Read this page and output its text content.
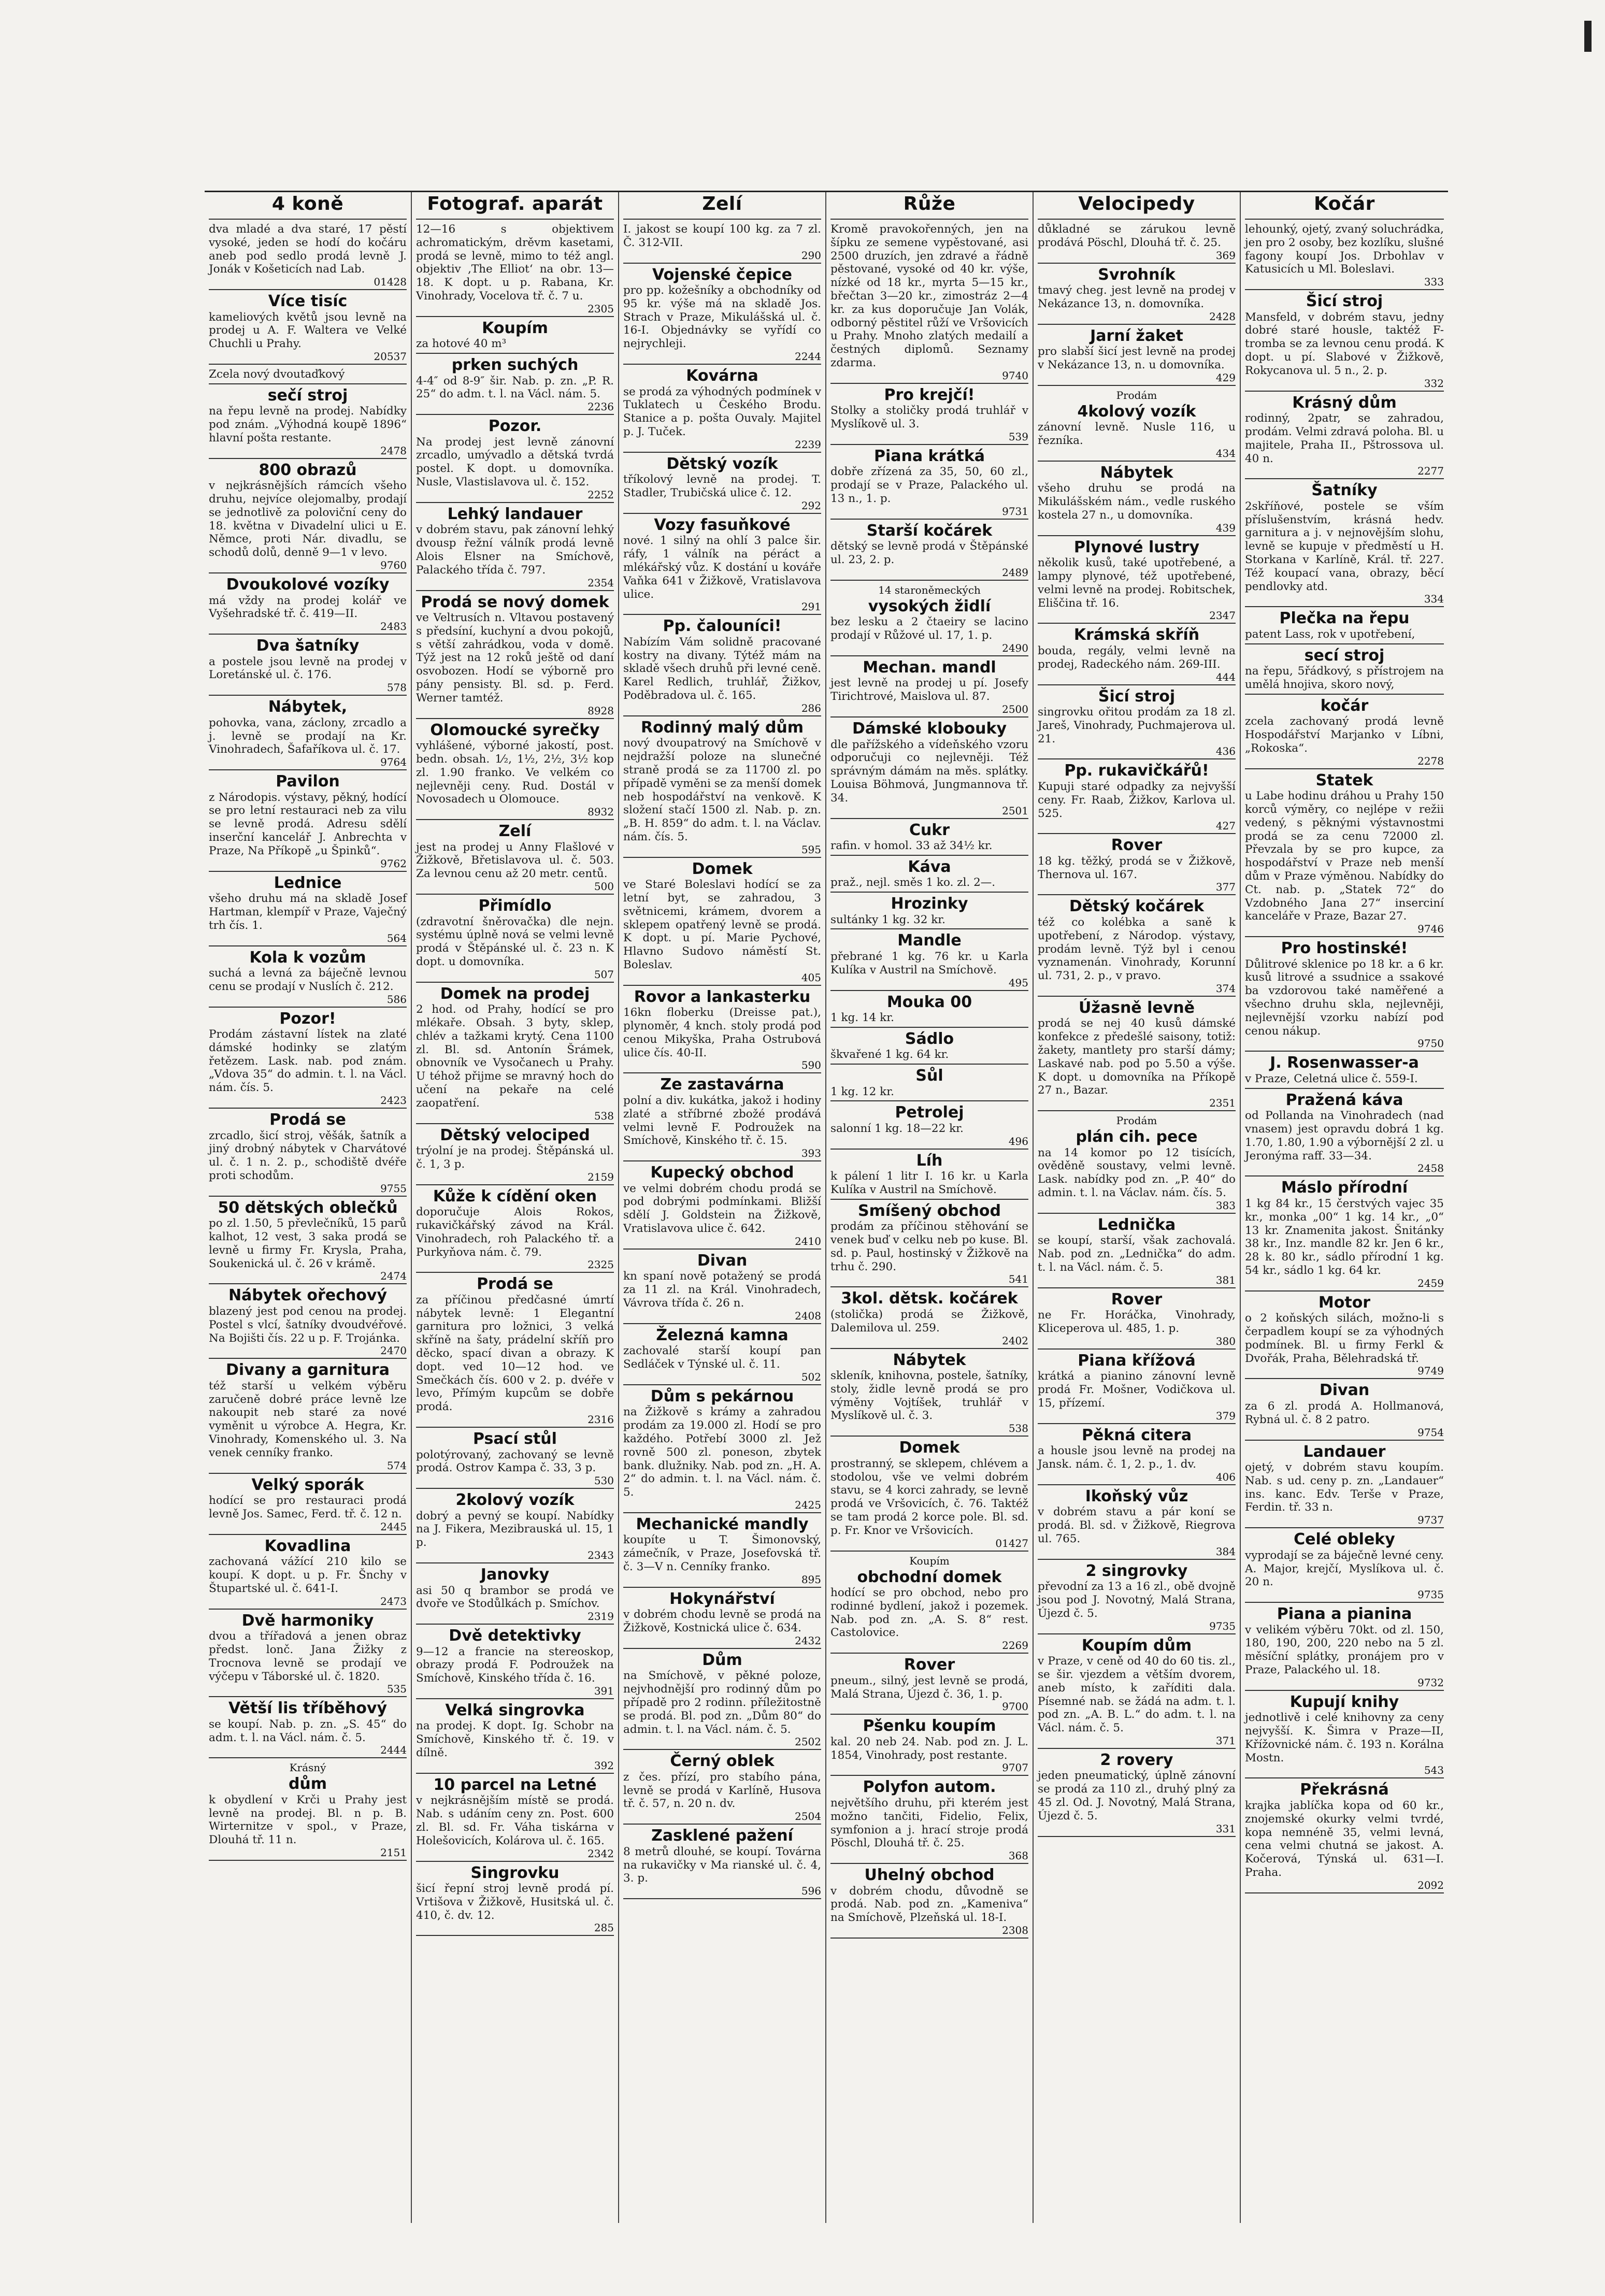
4 koně

dva mladé a dva staré, 17 pěstí vysoké, jeden se hodí do kočáru aneb pod sedlo prodá levně J. Jonák v Košeticích nad Lab.

01428
Více tisíc

kameliových květů jsou levně na prodej u A. F. Waltera ve Velké Chuchli u Prahy.

20537

Zcela nový dvoutaďkový

sečí stroj

na řepu levně na prodej. Nabídky pod znám. „Výhodná koupě 1896“ hlavní pošta restante.

2478
800 obrazů

v nejkrásnějších rámcích všeho druhu, nejvíce olejomalby, prodají se jednotlivě za poloviční ceny do 18. května v Divadelní ulici u E. Němce, proti Nár. divadlu, se schodů dolů, denně 9—1 v levo.

9760
Dvoukolové vozíky

má vždy na prodej kolář ve Vyšehradské tř. č. 419—II.

2483
Dva šatníky

a postele jsou levně na prodej v Loretánské ul. č. 176.

578
Nábytek,

pohovka, vana, záclony, zrcadlo a j. levně se prodají na Kr. Vinohradech, Šafaříkova ul. č. 17.

9764
Pavilon

z Národopis. výstavy, pěkný, hodící se pro letní restauraci neb za vilu se levně prodá. Adresu sdělí inserční kancelář J. Anbrechta v Praze, Na Příkopě „u Špinků“.

9762
Lednice

všeho druhu má na skladě Josef Hartman, klempíř v Praze, Vaječný trh čís. 1.

564
Kola k vozům

suchá a levná za báječně levnou cenu se prodají v Nuslích č. 212.

586
Pozor!

Prodám zástavní lístek na zlaté dámské hodinky se zlatým řetězem. Lask. nab. pod znám. „Vdova 35“ do admin. t. l. na Václ. nám. čís. 5.

2423
Prodá se

zrcadlo, šicí stroj, věšák, šatník a jiný drobný nábytek v Charvátové ul. č. 1 n. 2. p., schodiště dvéře proti schodům.

9755
50 dětských oblečků

po zl. 1.50, 5 převlečníků, 15 parů kalhot, 12 vest, 3 saka prodá se levně u firmy Fr. Krysla, Praha, Soukenická ul. č. 26 v krámě.

2474
Nábytek ořechový

blazený jest pod cenou na prodej. Postel s vlcí, šatníky dvoudvéřové. Na Bojišti čís. 22 u p. F. Trojánka.

2470
Divany a garnitura

též starší u velkém výběru zaručeně dobré práce levně lze nakoupit neb staré za nové vyměnit u výrobce A. Hegra, Kr. Vinohrady, Komenského ul. 3. Na venek cenníky franko.

574
Velký sporák

hodící se pro restauraci prodá levně Jos. Samec, Ferd. tř. č. 12 n.

2445
Kovadlina

zachovaná vážící 210 kilo se koupí. K dopt. u p. Fr. Šnchy v Štupartské ul. č. 641-I.

2473
Dvě harmoniky

dvou a třířadová a jenen obraz předst. lonč. Jana Žižky z Trocnova levně se prodají ve výčepu v Táborské ul. č. 1820.

535
Větší lis tříběhový

se koupí. Nab. p. zn. „S. 45“ do adm. t. l. na Václ. nám. č. 5.

2444
Krásný
dům

k obydlení v Krči u Prahy jest levně na prodej. Bl. n p. B. Wirternitze v spol., v Praze, Dlouhá tř. 11 n.

2151
Fotograf. aparát

12—16 s objektivem achromatickým, drěvm kasetami, prodá se levně, mimo to též angl. objektiv ‚The Elliot‘ na obr. 13—18. K dopt. u p. Rabana, Kr. Vinohrady, Vocelova tř. č. 7 u.

2305
Koupím

za hotové 40 m³

prken suchých

4-4″ od 8-9″ šir. Nab. p. zn. „P. R. 25“ do adm. t. l. na Václ. nám. 5.

2236
Pozor.

Na prodej jest levně zánovní zrcadlo, umývadlo a dětská tvrdá postel. K dopt. u domovníka. Nusle, Vlastislavova ul. č. 152.

2252
Lehký landauer

v dobrém stavu, pak zánovní lehký dvousp řežní válník prodá levně Alois Elsner na Smíchově, Palackého třída č. 797.

2354
Prodá se nový domek

ve Veltrusích n. Vltavou postavený s předsíní, kuchyní a dvou pokojů, s větší zahrádkou, voda v domě. Týž jest na 12 roků ještě od daní osvobozen. Hodí se výborně pro pány pensisty. Bl. sd. p. Ferd. Werner tamtéž.

8928
Olomoucké syrečky

vyhlášené, výborné jakostí, post. bedn. obsah. 1⁄₂, 1¹⁄₂, 2¹⁄₂, 3¹⁄₂ kop zl. 1.90 franko. Ve velkém co nejlevněji ceny. Rud. Dostál v Novosadech u Olomouce.

8932
Zelí

jest na prodej u Anny Flašlové v Žižkově, Břetislavova ul. č. 503. Za levnou cenu až 20 metr. centů.

500
Přimídlo

(zdravotní šněrovačka) dle nejn. systému úplně nová se velmi levně prodá v Štěpánské ul. č. 23 n. K dopt. u domovníka.

507
Domek na prodej

2 hod. od Prahy, hodící se pro mlékaře. Obsah. 3 byty, sklep, chlév a tažkami krytý. Cena 1100 zl. Bl. sd. Antonín Šrámek, obnovník ve Vysočanech u Prahy. U téhož přijme se mravný hoch do učení na pekaře na celé zaopatření.

538
Dětský velociped

trýolní je na prodej. Štěpánská ul. č. 1, 3 p.

2159
Kůže k cídění oken

doporučuje Alois Rokos, rukavičkářský závod na Král. Vinohradech, roh Palackého tř. a Purkyňova nám. č. 79.

2325
Prodá se

za příčinou předčasné úmrtí nábytek levně: 1 Elegantní garnitura pro ložnici, 3 velká skříně na šaty, prádelní skříň pro děcko, spací divan a obrazy. K dopt. ved 10—12 hod. ve Smečkách čís. 600 v 2. p. dvéře v levo, Přímým kupcům se dobře prodá.

2316
Psací stůl

polotýrovaný, zachovaný se levně prodá. Ostrov Kampa č. 33, 3 p.

530
2kolový vozík

dobrý a pevný se koupí. Nabídky na J. Fikera, Mezibrauská ul. 15, 1 p.

2343
Janovky

asi 50 q brambor se prodá ve dvoře ve Stodůlkách p. Smíchov.

2319
Dvě detektivky

9—12 a francie na stereoskop, obrazy prodá F. Podroužek na Smíchově, Kinského třída č. 16.

391
Velká singrovka

na prodej. K dopt. Ig. Schobr na Smíchově, Kinského tř. č. 19. v dílně.

392
10 parcel na Letné

v nejkrásnějším místě se prodá. Nab. s udáním ceny zn. Post. 600 zl. Bl. sd. Fr. Váha tiskárna v Holešovicích, Kolárova ul. č. 165.

2342
Singrovku

šicí řepní stroj levně prodá pí. Vrtišova v Žižkově, Husitská ul. č. 410, č. dv. 12.

285
Zelí

I. jakost se koupí 100 kg. za 7 zl. Č. 312-VII.

290
Vojenské čepice

pro pp. kožešníky a obchodníky od 95 kr. výše má na skladě Jos. Strach v Praze, Mikulášská ul. č. 16-I. Objednávky se vyřídí co nejrychleji.

2244
Kovárna

se prodá za výhodných podmínek v Tuklatech u Českého Brodu. Stanice a p. pošta Ouvaly. Majitel p. J. Tuček.

2239
Dětský vozík

tříkolový levně na prodej. T. Stadler, Trubičská ulice č. 12.

292
Vozy fasuňkové

nové. 1 silný na ohlí 3 palce šir. ráfy, 1 válník na péráct a mlékářský vůz. K dostání u kováře Vaňka 641 v Žižkově, Vratislavova ulice.

291
Pp. čalouníci!

Nabízím Vám solidně pracované kostry na divany. Týtéž mám na skladě všech druhů při levné ceně. Karel Redlich, truhlář, Žižkov, Poděbradova ul. č. 165.

286
Rodinný malý dům

nový dvoupatrový na Smíchově v nejdražší poloze na slunečné straně prodá se za 11700 zl. po případě vyměni se za menší domek neb hospodářství na venkově. K složení stačí 1500 zl. Nab. p. zn. „B. H. 859“ do adm. t. l. na Václav. nám. čís. 5.

595
Domek

ve Staré Boleslavi hodící se za letní byt, se zahradou, 3 světnicemi, krámem, dvorem a sklepem opatřený levně se prodá. K dopt. u pí. Marie Pychové, Hlavno Sudovo náměstí St. Boleslav.

405
Rovor a lankasterku

16kn floberku (Dreisse pat.), plynoměr, 4 knch. stoly prodá pod cenou Mikyška, Praha Ostrubová ulice čís. 40-II.

590
Ze zastavárna

polní a div. kukátka, jakož i hodiny zlaté a stříbrné zbožé prodává velmi levně F. Podroužek na Smíchově, Kinského tř. č. 15.

393
Kupecký obchod

ve velmi dobrém chodu prodá se pod dobrými podmínkami. Bližší sdělí J. Goldstein na Žižkově, Vratislavova ulice č. 642.

2410
Divan

kn spaní nově potažený se prodá za 11 zl. na Král. Vinohradech, Vávrova třída č. 26 n.

2408
Železná kamna

zachovalé starší koupí pan Sedláček v Týnské ul. č. 11.

502
Dům s pekárnou

na Žižkově s krámy a zahradou prodám za 19.000 zl. Hodí se pro každého. Potřebí 3000 zl. Jež rovně 500 zl. poneson, zbytek bank. dlužniky. Nab. pod zn. „H. A. 2“ do admin. t. l. na Václ. nám. č. 5.

2425
Mechanické mandly

koupíte u T. Šimonovský, zámečník, v Praze, Josefovská tř. č. 3—V n. Cenníky franko.

895
Hokynářství

v dobrém chodu levně se prodá na Žižkově, Kostnická ulice č. 634.

2432
Dům

na Smíchově, v pěkné poloze, nejvhodnější pro rodinný dům po případě pro 2 rodinn. příležitostně se prodá. Bl. pod zn. „Dům 80“ do admin. t. l. na Václ. nám. č. 5.

2502
Černý oblek

z čes. přízí, pro stabího pána, levně se prodá v Karlíně, Husova tř. č. 57, n. 20 n. dv.

2504
Zasklené pažení

8 metrů dlouhé, se koupí. Továrna na rukavičky v Ma rianské ul. č. 4, 3. p.

596
Růže

Kromě pravokořenných, jen na šípku ze semene vypěstované, asi 2500 druzích, jen zdravé a řádně pěstované, vysoké od 40 kr. výše, nízké od 18 kr., myrta 5—15 kr., břečtan 3—20 kr., zimostráz 2—4 kr. za kus doporučuje Jan Volák, odborný pěstitel růží ve Vršovicích u Prahy. Mnoho zlatých medailí a čestných diplomů. Seznamy zdarma.

9740
Pro krejčí!

Stolky a stoličky prodá truhlář v Myslíkově ul. 3.

539
Piana krátká

dobře zřízená za 35, 50, 60 zl., prodají se v Praze, Palackého ul. 13 n., 1. p.

9731
Starší kočárek

dětský se levně prodá v Štěpánské ul. 23, 2. p.

2489
14 staroněmeckých
vysokých židlí

bez lesku a 2 čtaeiry se lacino prodají v Růžové ul. 17, 1. p.

2490
Mechan. mandl

jest levně na prodej u pí. Josefy Tirichtrové, Maislova ul. 87.

2500
Dámské klobouky

dle pařížského a vídeňského vzoru odporučuji co nejlevněji. Též správným dámám na měs. splátky. Louisa Böhmová, Jungmannova tř. 34.

2501
Cukr

rafin. v homol. 33 až 34½ kr.

Káva

praž., nejl. směs 1 ko. zl. 2—.

Hrozinky

sultánky 1 kg. 32 kr.

Mandle

přebrané 1 kg. 76 kr. u Karla Kulíka v Austril na Smíchově.

495
Mouka 00

1 kg. 14 kr.

Sádlo

škvařené 1 kg. 64 kr.

Sůl

1 kg. 12 kr.

Petrolej

salonní 1 kg. 18—22 kr.

496
Líh

k pálení 1 litr I. 16 kr. u Karla Kulíka v Austril na Smíchově.

Smíšený obchod

prodám za příčinou stěhování se venek buď v celku neb po kuse. Bl. sd. p. Paul, hostinský v Žižkově na trhu č. 290.

541
3kol. dětsk. kočárek

(stolička) prodá se Žižkově, Dalemilova ul. 259.

2402
Nábytek

skleník, knihovna, postele, šatníky, stoly, židle levně prodá se pro výměny Vojtíšek, truhlář v Myslíkově ul. č. 3.

538
Domek

prostranný, se sklepem, chlévem a stodolou, vše ve velmi dobrém stavu, se 4 korci zahrady, se levně prodá ve Vršovicích, č. 76. Taktéž se tam prodá 2 korce pole. Bl. sd. p. Fr. Knor ve Vršovicích.

01427
Koupím
obchodní domek

hodící se pro obchod, nebo pro rodinné bydlení, jakož i pozemek. Nab. pod zn. „A. S. 8“ rest. Castolovice.

2269
Rover

pneum., silný, jest levně se prodá, Malá Strana, Újezd č. 36, 1. p.

9700
Pšenku koupím

kal. 20 neb 24. Nab. pod zn. J. L. 1854, Vinohrady, post restante.

9707
Polyfon autom.

největšího druhu, při kterém jest možno tančiti, Fidelio, Felix, symfonion a j. hrací stroje prodá Pöschl, Dlouhá tř. č. 25.

368
Uhelný obchod

v dobrém chodu, důvodně se prodá. Nab. pod zn. „Kameniva“ na Smíchově, Plzeňská ul. 18-I.

2308
Velocipedy

důkladné se zárukou levně prodává Pöschl, Dlouhá tř. č. 25.

369
Svrohník

tmavý cheg. jest levně na prodej v Nekázance 13, n. domovníka.

2428
Jarní žaket

pro slabší šicí jest levně na prodej v Nekázance 13, n. u domovníka.

429
Prodám
4kolový vozík

zánovní levně. Nusle 116, u řezníka.

434
Nábytek

všeho druhu se prodá na Mikulášském nám., vedle ruského kostela 27 n., u domovníka.

439
Plynové lustry

několik kusů, také upotřebené, a lampy plynové, též upotřebené, velmi levně na prodej. Robitschek, Eliščina tř. 16.

2347
Krámská skříň

bouda, regály, velmi levně na prodej, Radeckého nám. 269-III.

444
Šicí stroj

singrovku ořitou prodám za 18 zl. Jareš, Vinohrady, Puchmajerova ul. 21.

436
Pp. rukavičkářů!

Kupuji staré odpadky za nejvyšší ceny. Fr. Raab, Žižkov, Karlova ul. 525.

427
Rover

18 kg. těžký, prodá se v Žižkově, Thernova ul. 167.

377
Dětský kočárek

též co kolébka a saně k upotřebení, z Národop. výstavy, prodám levně. Týž byl i cenou vyznamenán. Vinohrady, Korunní ul. 731, 2. p., v pravo.

374
Úžasně levně

prodá se nej 40 kusů dámské konfekce z předešlé saisony, totiž: žakety, mantlety pro starší dámy; Laskavé nab. pod po 5.50 a výše. K dopt. u domovníka na Příkopě 27 n., Bazar.

2351
Prodám
plán cih. pece

na 14 komor po 12 tisících, ověděně soustavy, velmi levně. Lask. nabídky pod zn. „P. 40“ do admin. t. l. na Václav. nám. čís. 5.

383
Lednička

se koupí, starší, však zachovalá. Nab. pod zn. „Lednička“ do adm. t. l. na Václ. nám. č. 5.

381
Rover

ne Fr. Horáčka, Vinohrady, Kliceperova ul. 485, 1. p.

380
Piana křížová

krátká a pianino zánovní levně prodá Fr. Mošner, Vodičkova ul. 15, přízemí.

379
Pěkná citera

a housle jsou levně na prodej na Jansk. nám. č. 1, 2. p., 1. dv.

406
Ikoňský vůz

v dobrém stavu a pár koní se prodá. Bl. sd. v Žižkově, Riegrova ul. 765.

384
2 singrovky

převodní za 13 a 16 zl., obě dvojně jsou pod J. Novotný, Malá Strana, Újezd č. 5.

9735
Koupím dům

v Praze, v ceně od 40 do 60 tis. zl., se šir. vjezdem a větším dvorem, aneb místo, k zaříditi dala. Písemné nab. se žádá na adm. t. l. pod zn. „A. B. L.“ do adm. t. l. na Václ. nám. č. 5.

371
2 rovery

jeden pneumatický, úplně zánovní se prodá za 110 zl., druhý plný za 45 zl. Od. J. Novotný, Malá Strana, Újezd č. 5.

331
Kočár

lehounký, ojetý, zvaný soluchrádka, jen pro 2 osoby, bez kozlíku, slušné fagony koupí Jos. Drbohlav v Katusicích u Ml. Boleslavi.

333
Šicí stroj

Mansfeld, v dobrém stavu, jedny dobré staré housle, taktéž F-tromba se za levnou cenu prodá. K dopt. u pí. Slabové v Žižkově, Rokycanova ul. 5 n., 2. p.

332
Krásný dům

rodinný, 2patr, se zahradou, prodám. Velmi zdravá poloha. Bl. u majitele, Praha II., Pštrossova ul. 40 n.

2277
Šatníky

2skříňové, postele se vším příslušenstvím, krásná hedv. garnitura a j. v nejnovějším slohu, levně se kupuje v předměstí u H. Storkana v Karlíně, Král. tř. 227. Též koupací vana, obrazy, běcí pendlovky atd.

334
Plečka na řepu

patent Lass, rok v upotřebení,

secí stroj

na řepu, 5řádkový, s přístrojem na umělá hnojiva, skoro nový,

kočár

zcela zachovaný prodá levně Hospodářství Marjanko v Líbni, „Rokoska“.

2278
Statek

u Labe hodinu dráhou u Prahy 150 korců výměry, co nejlépe v režii vedený, s pěknými výstavnostmi prodá se za cenu 72000 zl. Převzala by se pro kupce, za hospodářství v Praze neb menší dům v Praze výměnou. Nabídky do Ct. nab. p. „Statek 72“ do Vzdobného Jana 27“ inserciní kanceláře v Praze, Bazar 27.

9746
Pro hostinské!

Důlitrové sklenice po 18 kr. a 6 kr. kusů litrové a ssudnice a ssakové ba vzdorovou také naměřené a všechno druhu skla, nejlevněji, nejlevnější vzorku nabízí pod cenou nákup.

9750
J. Rosenwasser-a

v Praze, Celetná ulice č. 559-I.

Pražená káva

od Pollanda na Vinohradech (nad vnasem) jest opravdu dobrá 1 kg. 1.70, 1.80, 1.90 a výbornější 2 zl. u Jeronýma raff. 33—34.

2458
Máslo přírodní

1 kg 84 kr., 15 čerstvých vajec 35 kr., monka „00“ 1 kg. 14 kr., „0“ 13 kr. Znamenita jakost. Šnitánky 38 kr., Inz. mandle 82 kr. Jen 6 kr., 28 k. 80 kr., sádlo přírodní 1 kg. 54 kr., sádlo 1 kg. 64 kr.

2459
Motor

o 2 koňských silách, možno-li s čerpadlem koupí se za výhodných podmínek. Bl. u firmy Ferkl & Dvořák, Praha, Bělehradská tř.

9749
Divan

za 6 zl. prodá A. Hollmanová, Rybná ul. č. 8 2 patro.

9754
Landauer

ojetý, v dobrém stavu koupím. Nab. s ud. ceny p. zn. „Landauer“ ins. kanc. Edv. Terše v Praze, Ferdin. tř. 33 n.

9737
Celé obleky

vyprodají se za báječně levné ceny. A. Major, krejčí, Myslíkova ul. č. 20 n.

9735
Piana a pianina

v velikém výběru 70kt. od zl. 150, 180, 190, 200, 220 nebo na 5 zl. měsíční splátky, pronájem pro v Praze, Palackého ul. 18.

9732
Kupují knihy

jednotlivě i celé knihovny za ceny nejvyšší. K. Šimra v Praze—II, Křížovnické nám. č. 193 n. Korálna Mostn.

543
Překrásná

krajka jablíčka kopa od 60 kr., znojemské okurky velmi tvrdé, kopa nemnéně 35, velmi levná, cena velmi chutná se jakost. A. Kočerová, Týnská ul. 631—I. Praha.

2092
